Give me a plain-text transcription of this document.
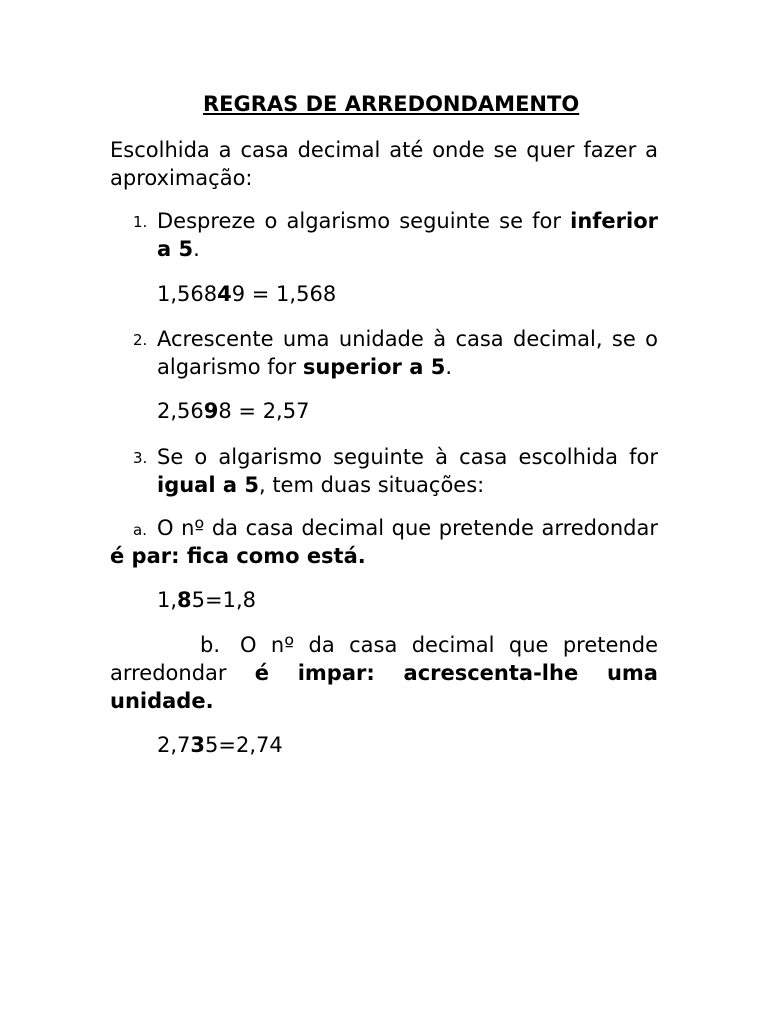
REGRAS DE ARREDONDAMENTO

Escolhida a casa decimal até onde se quer fazer a aproximação:

1. Despreze o algarismo seguinte se for inferior a 5.

1,56849 = 1,568

2. Acrescente uma unidade à casa decimal, se o algarismo for superior a 5.

2,5698 = 2,57

3. Se o algarismo seguinte à casa escolhida for igual a 5, tem duas situações:

a. O nº da casa decimal que pretende arredondar é par: fica como está.

1,85=1,8

b. O nº da casa decimal que pretende arredondar é impar: acrescenta-lhe uma unidade.

2,735=2,74
